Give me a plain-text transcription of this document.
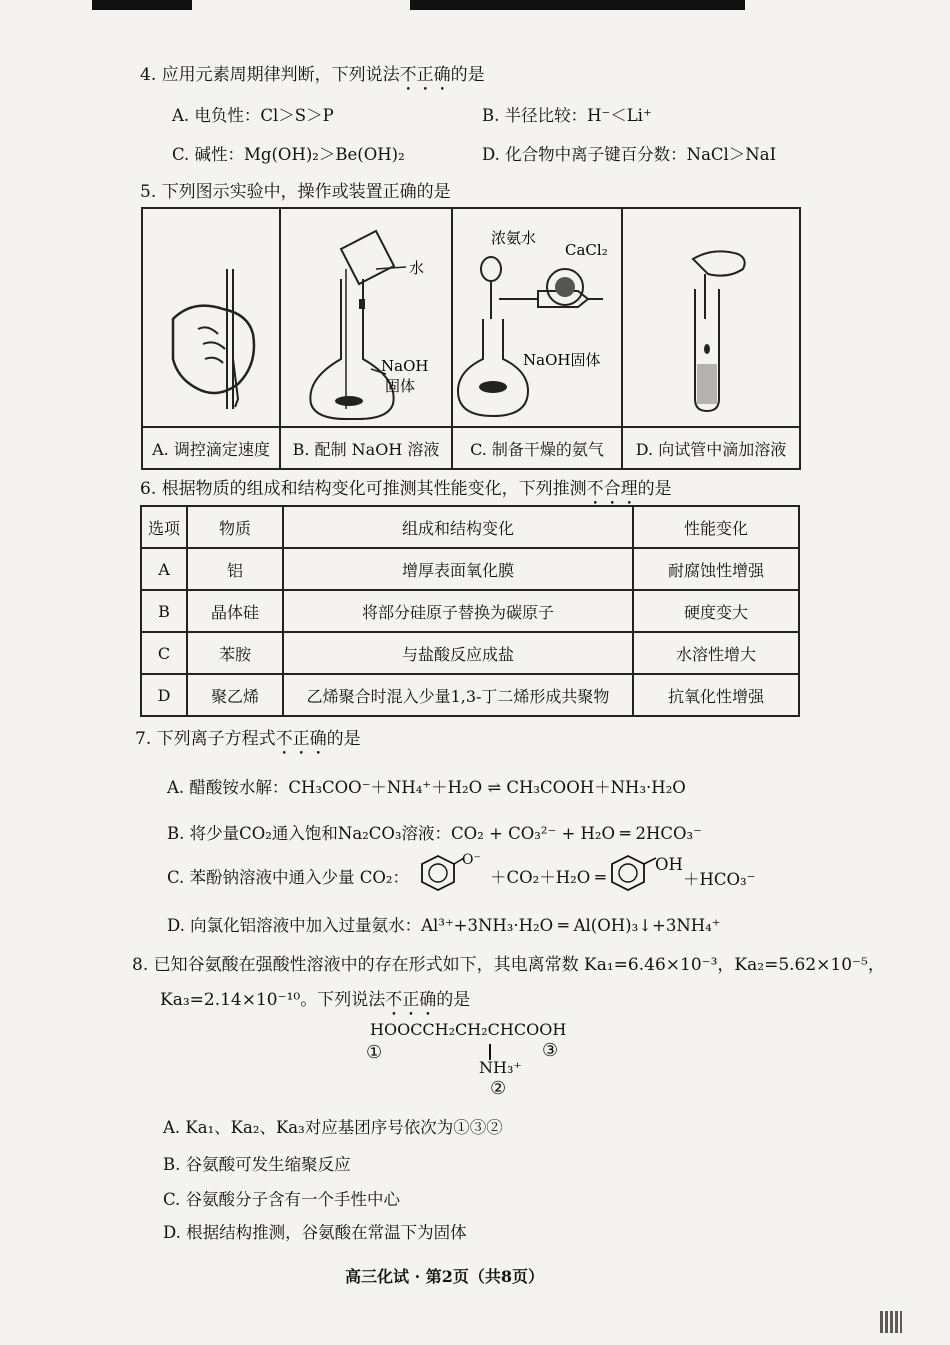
4. 应用元素周期律判断，下列说法不正确的是
A. 电负性：Cl＞S＞P	B. 半径比较：H⁻＜Li⁺
C. 碱性：Mg(OH)₂＞Be(OH)₂	D. 化合物中离子键百分数：NaCl＞NaI
5. 下列图示实验中，操作或装置正确的是

水
NaOH
固体	浓氨水
CaCl₂
NaOH固体

A. 调控滴定速度	B. 配制 NaOH 溶液	C. 制备干燥的氨气	D. 向试管中滴加溶液
6. 根据物质的组成和结构变化可推测其性能变化，下列推测不合理的是
选项	物质	组成和结构变化	性能变化
A	铝	增厚表面氧化膜	耐腐蚀性增强
B	晶体硅	将部分硅原子替换为碳原子	硬度变大
C	苯胺	与盐酸反应成盐	水溶性增大
D	聚乙烯	乙烯聚合时混入少量1,3-丁二烯形成共聚物	抗氧化性增强
7. 下列离子方程式不正确的是
A. 醋酸铵水解：CH₃COO⁻＋NH₄⁺＋H₂O ⇌ CH₃COOH＋NH₃·H₂O
B. 将少量CO₂通入饱和Na₂CO₃溶液：CO₂ + CO₃²⁻ + H₂O ═ 2HCO₃⁻
C. 苯酚钠溶液中通入少量 CO₂：
O⁻
＋CO₂＋H₂O ═
OH
＋HCO₃⁻
D. 向氯化铝溶液中加入过量氨水：Al³⁺+3NH₃·H₂O ═ Al(OH)₃↓+3NH₄⁺
8. 已知谷氨酸在强酸性溶液中的存在形式如下，其电离常数 Ka₁=6.46×10⁻³，Ka₂=5.62×10⁻⁵，
Ka₃=2.14×10⁻¹⁰。下列说法不正确的是
HOOCCH₂CH₂CHCOOH
①	③
NH₃⁺
②
A. Ka₁、Ka₂、Ka₃对应基团序号依次为①③②
B. 谷氨酸可发生缩聚反应
C. 谷氨酸分子含有一个手性中心
D. 根据结构推测，谷氨酸在常温下为固体
高三化试 · 第2页（共8页）
